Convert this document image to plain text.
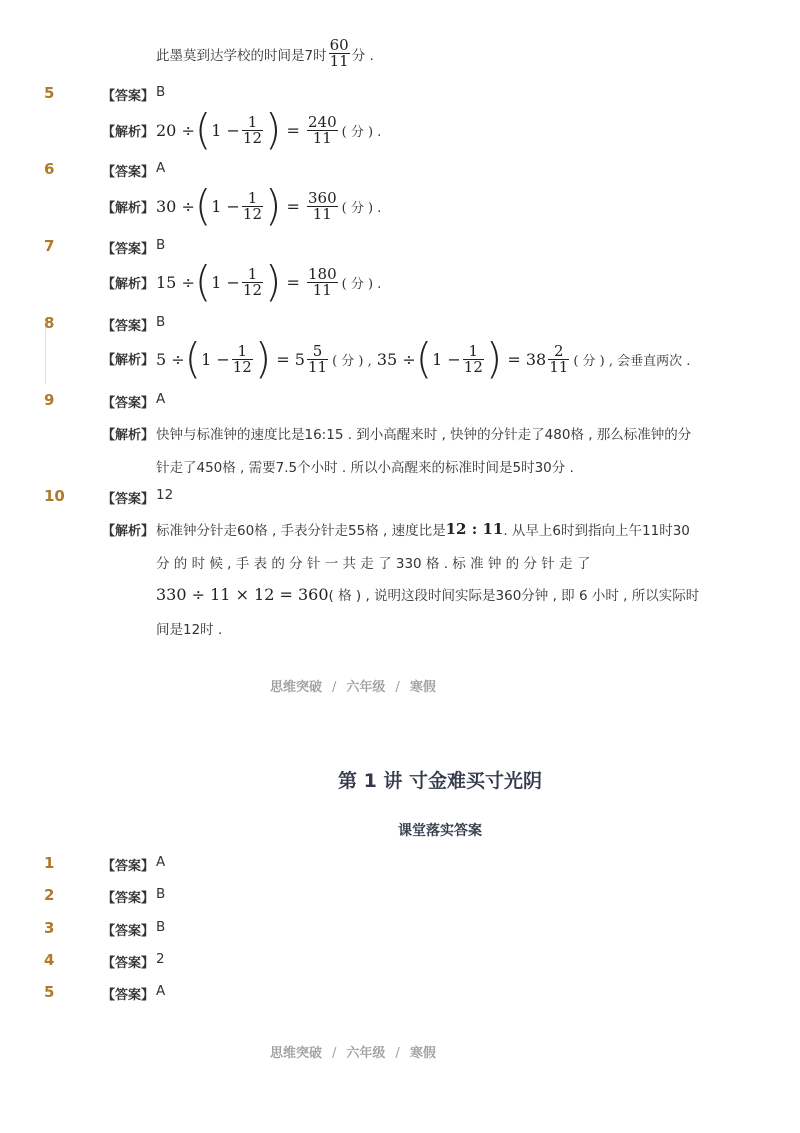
此墨莫到达学校的时间是7时 $\frac{60}{11}$ 分 .
5	【答案】 B
【解析】 20 ÷ ( $1 - \frac{1}{12}$ )
=
$\frac{240}{11}$ ( 分 ) .
6	【答案】 A
【解析】 30 ÷ ( $1 - \frac{1}{12}$ )
=
$\frac{360}{11}$ ( 分 ) .
7	【答案】 B
【解析】 15 ÷ ( $1 - \frac{1}{12}$ )
=
$\frac{180}{11}$ ( 分 ) .
8	【答案】 B
【解析】 5 ÷ ( $1 - \frac{1}{12}$ )
= $5 \frac{5}{11}$ ( 分 ) ,
35 ÷ ( $1 - \frac{1}{12}$ )
= $38 \frac{2}{11}$ ( 分 ) , 会垂直两次 .
9	【答案】 A
【解析】 快钟与标准钟的速度比是16:15 . 到小高醒来时 , 快钟的分针走了480格 , 那么标准钟的分
针走了450格 , 需要7.5个小时 . 所以小高醒来的标准时间是5时30分 .
10	【答案】 12
【解析】 标准钟分针走60格 , 手表分针走55格 , 速度比是 12 : 11 . 从早上6时到指向上午11时30
分 的 时 候 , 手 表 的 分 针 一 共 走 了 330 格 . 标 准 钟 的 分 针 走 了
330 ÷ 11 × 12 = 360 ( 格 ) , 说明这段时间实际是360分钟 , 即 6 小时 , 所以实际时
间是12时 .
思维突破 / 六年级 / 寒假
第 1 讲 寸金难买寸光阴
课堂落实答案
1	【答案】 A
2	【答案】 B
3	【答案】 B
4	【答案】 2
5	【答案】 A
思维突破 / 六年级 / 寒假
